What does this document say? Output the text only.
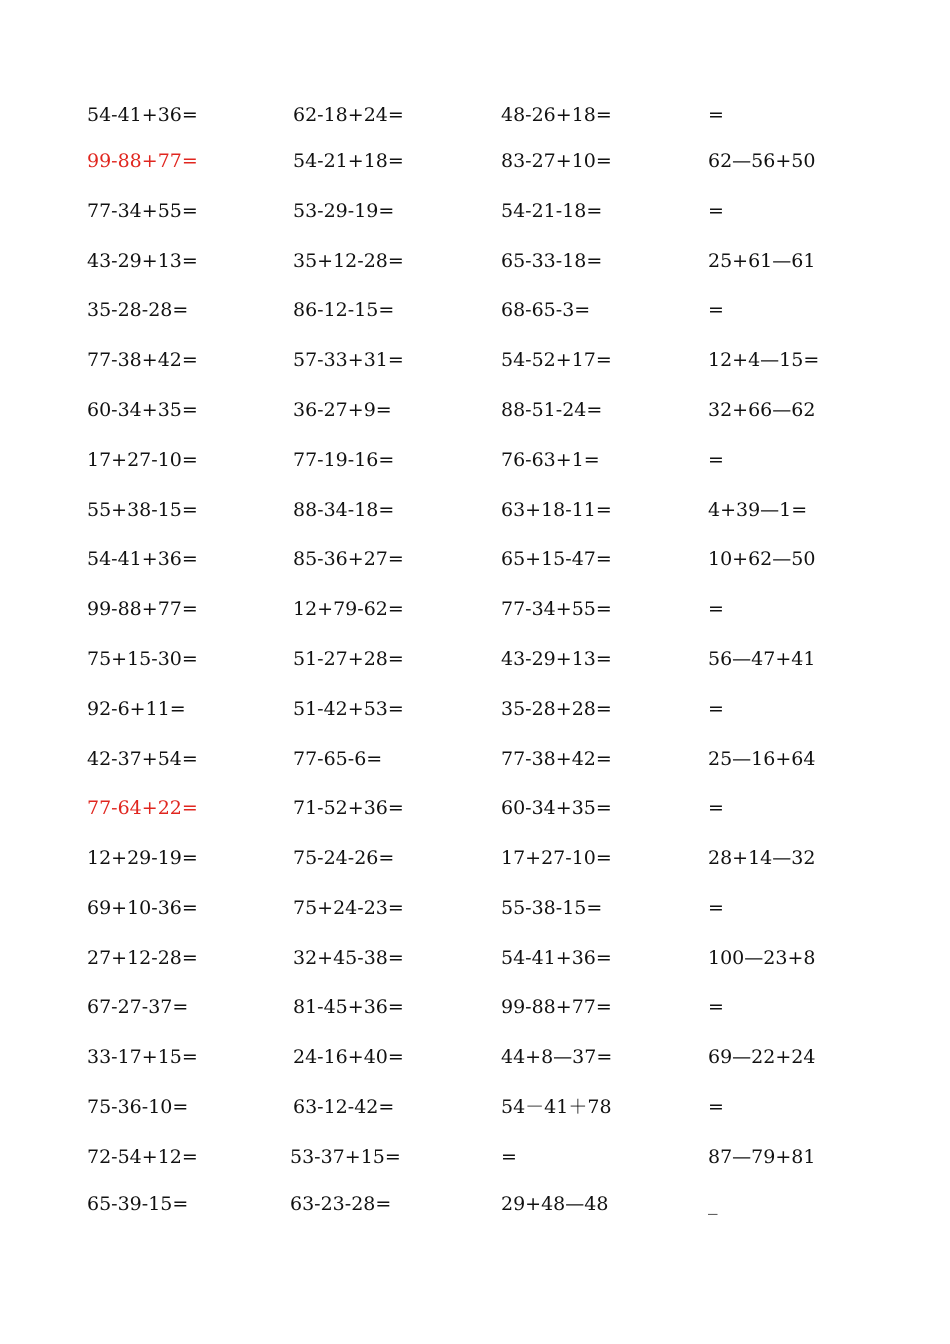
54-41+36=	62-18+24=	48-26+18=	=
99-88+77=	54-21+18=	83-27+10=	62—56+50
77-34+55=	53-29-19=	54-21-18=	=
43-29+13=	35+12-28=	65-33-18=	25+61—61
35-28-28=	86-12-15=	68-65-3=	=
77-38+42=	57-33+31=	54-52+17=	12+4—15=
60-34+35=	36-27+9=	88-51-24=	32+66—62
17+27-10=	77-19-16=	76-63+1=	=
55+38-15=	88-34-18=	63+18-11=	4+39—1=
54-41+36=	85-36+27=	65+15-47=	10+62—50
99-88+77=	12+79-62=	77-34+55=	=
75+15-30=	51-27+28=	43-29+13=	56—47+41
92-6+11=	51-42+53=	35-28+28=	=
42-37+54=	77-65-6=	77-38+42=	25—16+64
77-64+22=	71-52+36=	60-34+35=	=
12+29-19=	75-24-26=	17+27-10=	28+14—32
69+10-36=	75+24-23=	55-38-15=	=
27+12-28=	32+45-38=	54-41+36=	100—23+8
67-27-37=	81-45+36=	99-88+77=	=
33-17+15=	24-16+40=	44+8—37=	69—22+24
75-36-10=	63-12-42=	54－41＋78	=
72-54+12=	53-37+15=	=	87—79+81
65-39-15=	63-23-28=	29+48—48	_
